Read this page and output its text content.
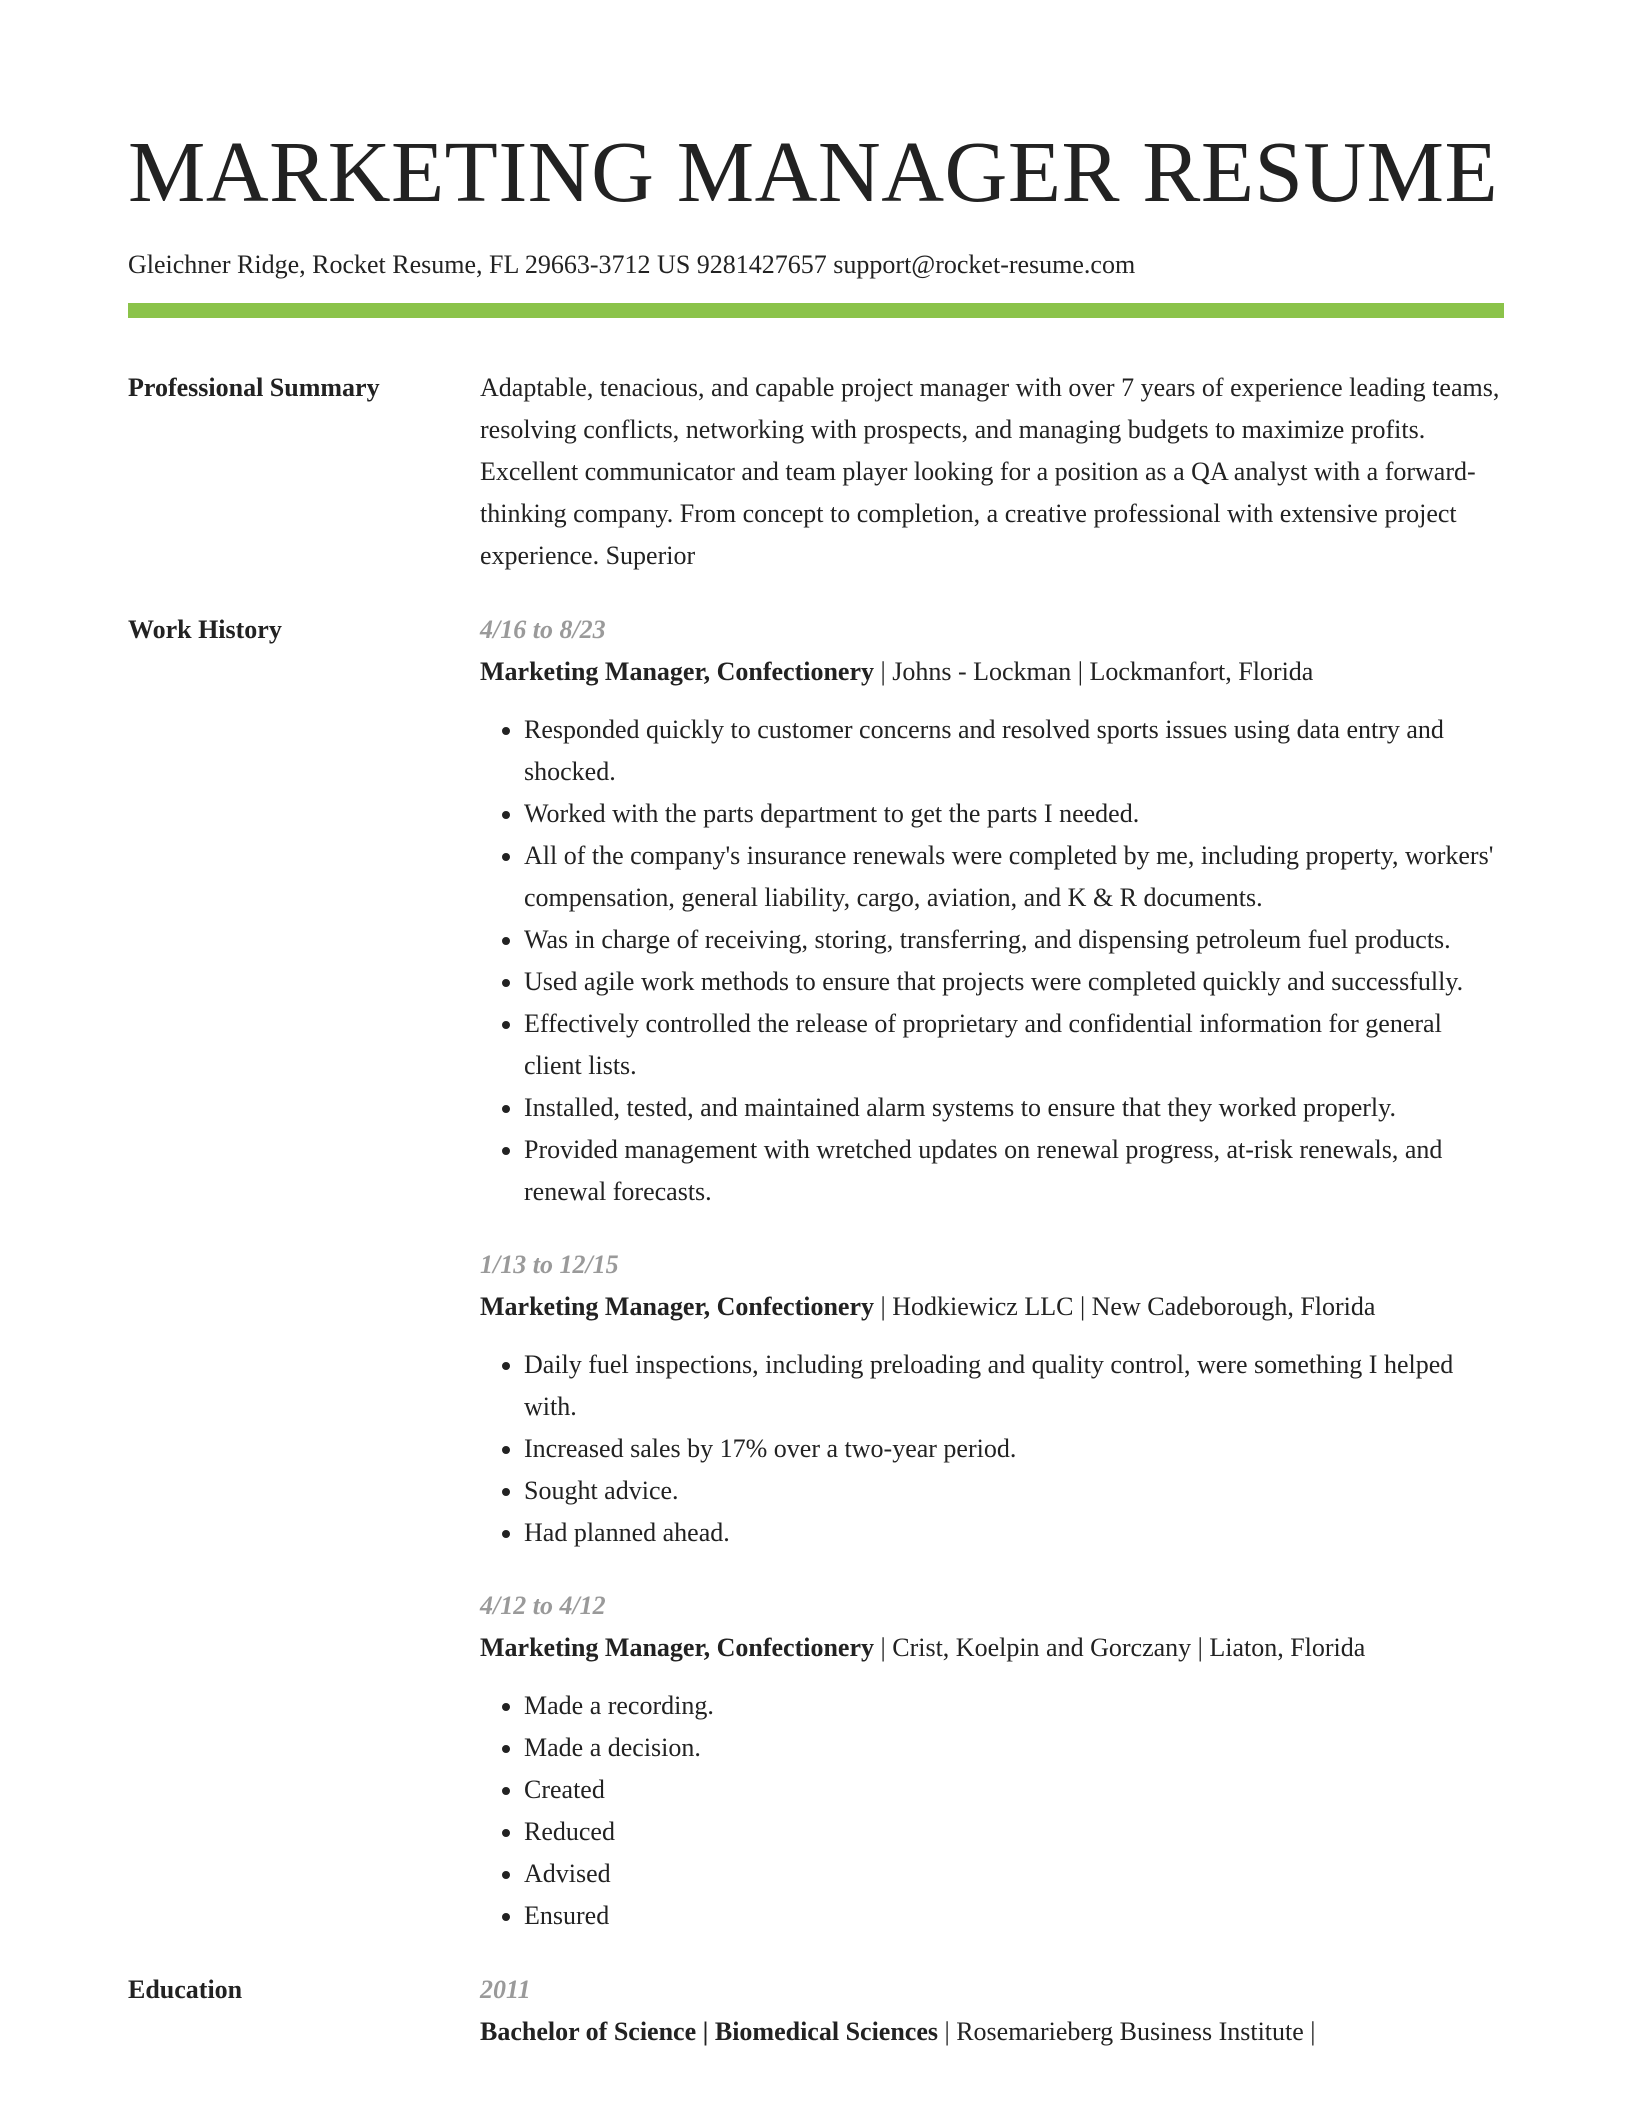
MARKETING MANAGER RESUME
Gleichner Ridge, Rocket Resume, FL 29663-3712 US 9281427657 support@rocket-resume.com
Professional Summary	Adaptable, tenacious, and capable project manager with over 7 years of experience leading teams, resolving conflicts, networking with prospects, and managing budgets to maximize profits. Excellent communicator and team player looking for a position as a QA analyst with a forward-thinking company. From concept to completion, a creative professional with extensive project experience. Superior
Work History	4/16 to 8/23
Marketing Manager, Confectionery | Johns - Lockman | Lockmanfort, Florida
• Responded quickly to customer concerns and resolved sports issues using data entry and shocked.
• Worked with the parts department to get the parts I needed.
• All of the company's insurance renewals were completed by me, including property, workers' compensation, general liability, cargo, aviation, and K & R documents.
• Was in charge of receiving, storing, transferring, and dispensing petroleum fuel products.
• Used agile work methods to ensure that projects were completed quickly and successfully.
• Effectively controlled the release of proprietary and confidential information for general client lists.
• Installed, tested, and maintained alarm systems to ensure that they worked properly.
• Provided management with wretched updates on renewal progress, at-risk renewals, and renewal forecasts.
1/13 to 12/15
Marketing Manager, Confectionery | Hodkiewicz LLC | New Cadeborough, Florida
• Daily fuel inspections, including preloading and quality control, were something I helped with.
• Increased sales by 17% over a two-year period.
• Sought advice.
• Had planned ahead.
4/12 to 4/12
Marketing Manager, Confectionery | Crist, Koelpin and Gorczany | Liaton, Florida
• Made a recording.
• Made a decision.
• Created
• Reduced
• Advised
• Ensured
Education	2011
Bachelor of Science | Biomedical Sciences | Rosemarieberg Business Institute |
